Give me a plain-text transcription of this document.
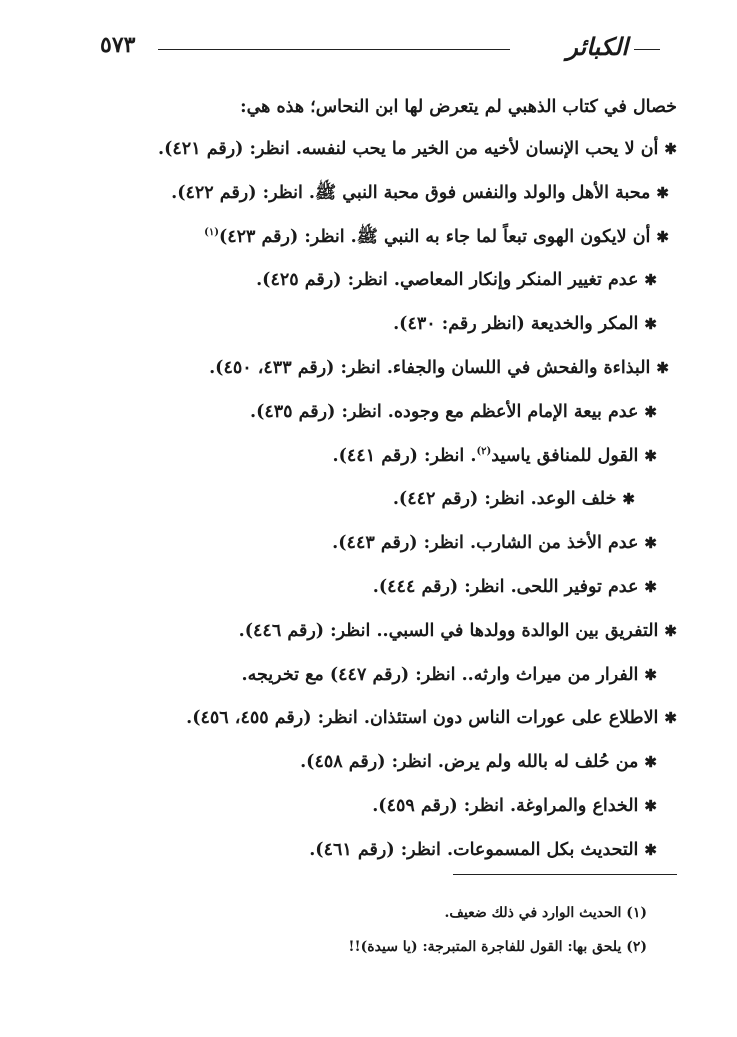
الكبائر
٥٧٣

خصال في كتاب الذهبي لم يتعرض لها ابن النحاس؛ هذه هي:

✱أن لا يحب الإنسان لأخيه من الخير ما يحب لنفسه. انظر: (رقم ٤٢١).
✱محبة الأهل والولد والنفس فوق محبة النبي ﷺ. انظر: (رقم ٤٢٢).
✱أن لايكون الهوى تبعاً لما جاء به النبي ﷺ. انظر: (رقم ٤٢٣)$^{(١)}$
✱عدم تغيير المنكر وإنكار المعاصي. انظر: (رقم ٤٢٥).
✱المكر والخديعة (انظر رقم: ٤٣٠).
✱البذاءة والفحش في اللسان والجفاء. انظر: (رقم ٤٣٣، ٤٥٠).
✱عدم بيعة الإمام الأعظم مع وجوده. انظر: (رقم ٤٣٥).
✱القول للمنافق ياسيد$^{(٢)}$. انظر: (رقم ٤٤١).
✱خلف الوعد. انظر: (رقم ٤٤٢).
✱عدم الأخذ من الشارب. انظر: (رقم ٤٤٣).
✱عدم توفير اللحى. انظر: (رقم ٤٤٤).
✱التفريق بين الوالدة وولدها في السبي.. انظر: (رقم ٤٤٦).
✱الفرار من ميراث وارثه.. انظر: (رقم ٤٤٧) مع تخريجه.
✱الاطلاع على عورات الناس دون استئذان. انظر: (رقم ٤٥٥، ٤٥٦).
✱من حُلف له بالله ولم يرض. انظر: (رقم ٤٥٨).
✱الخداع والمراوغة. انظر: (رقم ٤٥٩).
✱التحديث بكل المسموعات. انظر: (رقم ٤٦١).
(١) الحديث الوارد في ذلك ضعيف.
(٢) يلحق بها: القول للفاجرة المتبرجة: (يا سيدة)!!
